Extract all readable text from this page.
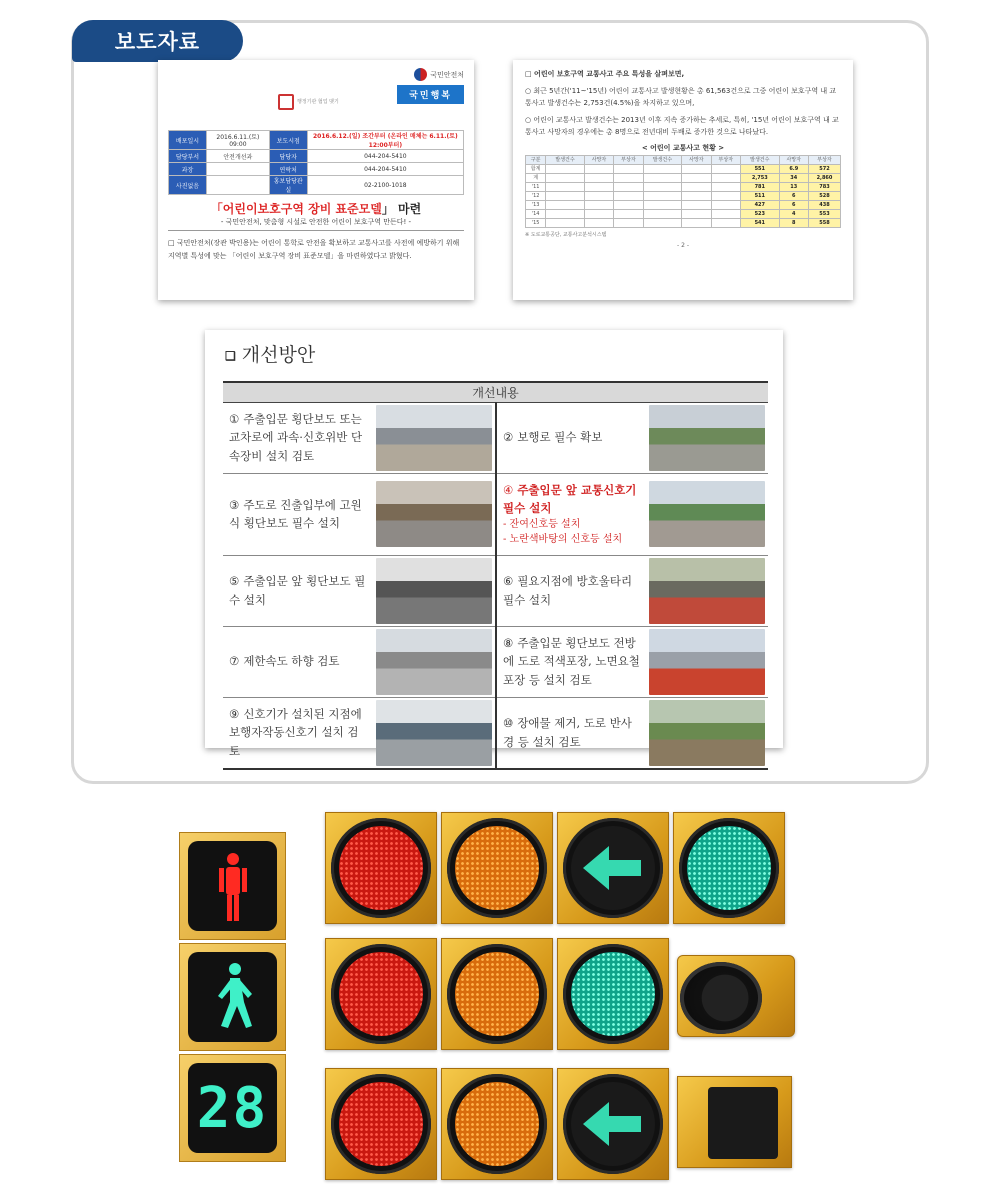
보도자료
행정기관 협업 맺기
국민안전처
국민행복
배포일시	2016.6.11.(토) 09:00	보도시점	2016.6.12.(일) 조간부터 (온라인 매체는 6.11.(토) 12:00부터)
담당부서	안전개선과	담당자	044-204-5410
과장		연락처	044-204-5410
사진없음		홍보담당관실	02-2100-1018
「어린이보호구역 장비 표준모델」 마련
- 국민안전처, 맞춤형 시설로 안전한 어린이 보호구역 만든다! -
□ 국민안전처(장관 박인용)는 어린이 통학로 안전을 확보하고 교통사고를 사전에 예방하기 위해 지역별 특성에 맞는 「어린이 보호구역 장비 표준모델」을 마련하였다고 밝혔다.
□ 어린이 보호구역 교통사고 주요 특성을 살펴보면,
○ 최근 5년간('11~'15년) 어린이 교통사고 발생현황은 총 61,563건으로 그중 어린이 보호구역 내 교통사고 발생건수는 2,753건(4.5%)을 차지하고 있으며,
○ 어린이 교통사고 발생건수는 2013년 이후 지속 증가하는 추세로, 특히, '15년 어린이 보호구역 내 교통사고 사망자의 경우에는 총 8명으로 전년대비 두배로 증가한 것으로 나타났다.
< 어린이 교통사고 현황 >
구분	발생건수	사망자	부상자	발생건수	사망자	부상자	발생건수	사망자	부상자
합계							551	6.9	572
계							2,753	34	2,860
'11							781	13	783
'12							511	6	528
'13							427	6	438
'14							523	4	553
'15							541	8	558
※ 도로교통공단, 교통사고분석시스템
- 2 -
❑ 개선방안
개선내용			
① 주출입문 횡단보도 또는 교차로에 과속·신호위반 단속장비 설치 검토		② 보행로 필수 확보	

③ 주도로 진출입부에 고원식 횡단보도 필수 설치		④ 주출입문 앞 교통신호기 필수 설치
- 잔여신호등 설치
- 노란색바탕의 신호등 설치	

⑤ 주출입문 앞 횡단보도 필수 설치		⑥ 필요지점에 방호울타리 필수 설치	

⑦ 제한속도 하향 검토		⑧ 주출입문 횡단보도 전방에 도로 적색포장, 노면요철 포장 등 설치 검토	

⑨ 신호기가 설치된 지점에 보행자작동신호기 설치 검토		⑩ 장애물 제거, 도로 반사경 등 설치 검토	
28
